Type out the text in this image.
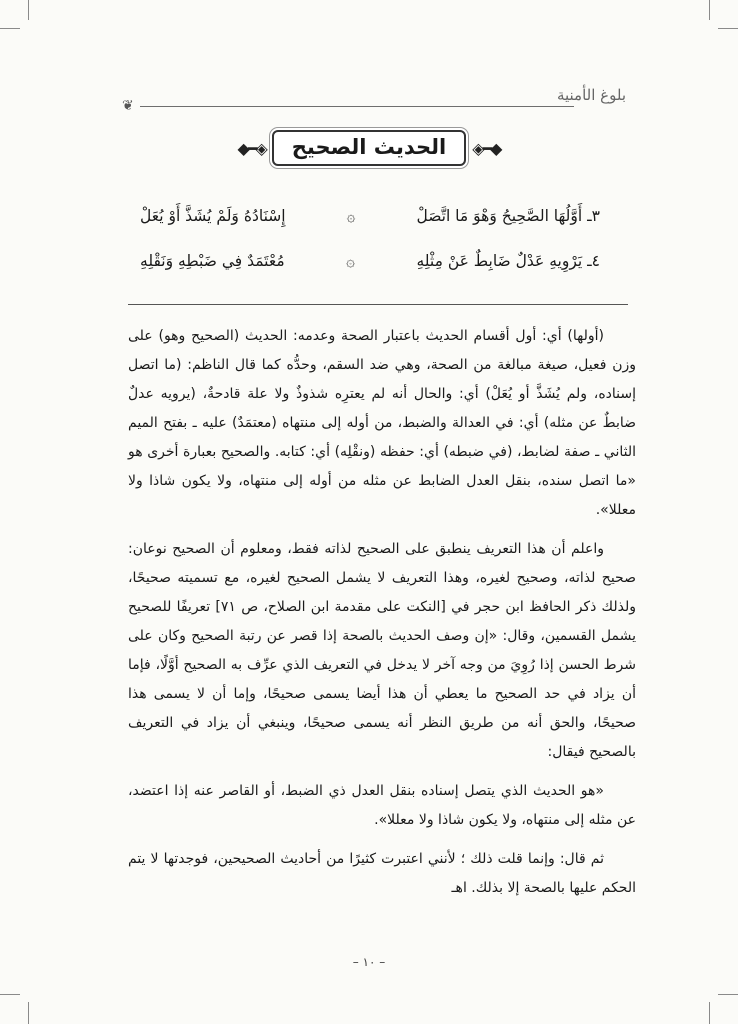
❦
بلوغ الأمنية
◆━◈	الحديث الصحيح	◈━◆
٣ـ أَوَّلُهَا الصَّحِيحُ وَهْوَ مَا اتَّصَلْ
۞
إِسْنَادُهُ وَلَمْ يُشَذَّ أَوْ يُعَلْ
٤ـ يَرْوِيهِ عَدْلٌ ضَابِطٌ عَنْ مِثْلِهِ
۞
مُعْتَمَدٌ فِي ضَبْطِهِ وَنَقْلِهِ

(أولها) أي: أول أقسام الحديث باعتبار الصحة وعدمه: الحديث (الصحيح وهو) على وزن فعيل، صيغة مبالغة من الصحة، وهي ضد السقم، وحدُّه كما قال الناظم: (ما اتصل إسناده، ولم يُشَذَّ أو يُعَلْ) أي: والحال أنه لم يعترِه شذوذٌ ولا علة قادحةٌ، (يرويه عدلٌ ضابطٌ عن مثله) أي: في العدالة والضبط، من أوله إلى منتهاه (معتمَدٌ) عليه ـ بفتح الميم الثاني ـ صفة لضابط، (في ضبطه) أي: حفظه (ونقْلِه) أي: كتابه. والصحيح بعبارة أخرى هو «ما اتصل سنده، بنقل العدل الضابط عن مثله من أوله إلى منتهاه، ولا يكون شاذا ولا معللا».

واعلم أن هذا التعريف ينطبق على الصحيح لذاته فقط، ومعلوم أن الصحيح نوعان: صحيح لذاته، وصحيح لغيره، وهذا التعريف لا يشمل الصحيح لغيره، مع تسميته صحيحًا، ولذلك ذكر الحافظ ابن حجر في [النكت على مقدمة ابن الصلاح، ص ٧١] تعريفًا للصحيح يشمل القسمين، وقال: «إن وصف الحديث بالصحة إذا قصر عن رتبة الصحيح وكان على شرط الحسن إذا رُوِيَ من وجه آخر لا يدخل في التعريف الذي عرِّف به الصحيح أوَّلًا، فإما أن يزاد في حد الصحيح ما يعطي أن هذا أيضا يسمى صحيحًا، وإما أن لا يسمى هذا صحيحًا، والحق أنه من طريق النظر أنه يسمى صحيحًا، وينبغي أن يزاد في التعريف بالصحيح فيقال:

«هو الحديث الذي يتصل إسناده بنقل العدل ذي الضبط، أو القاصر عنه إذا اعتضد، عن مثله إلى منتهاه، ولا يكون شاذا ولا معللا».

ثم قال: وإنما قلت ذلك ؛ لأنني اعتبرت كثيرًا من أحاديث الصحيحين، فوجدتها لا يتم الحكم عليها بالصحة إلا بذلك. اهـ

– ١٠ –
